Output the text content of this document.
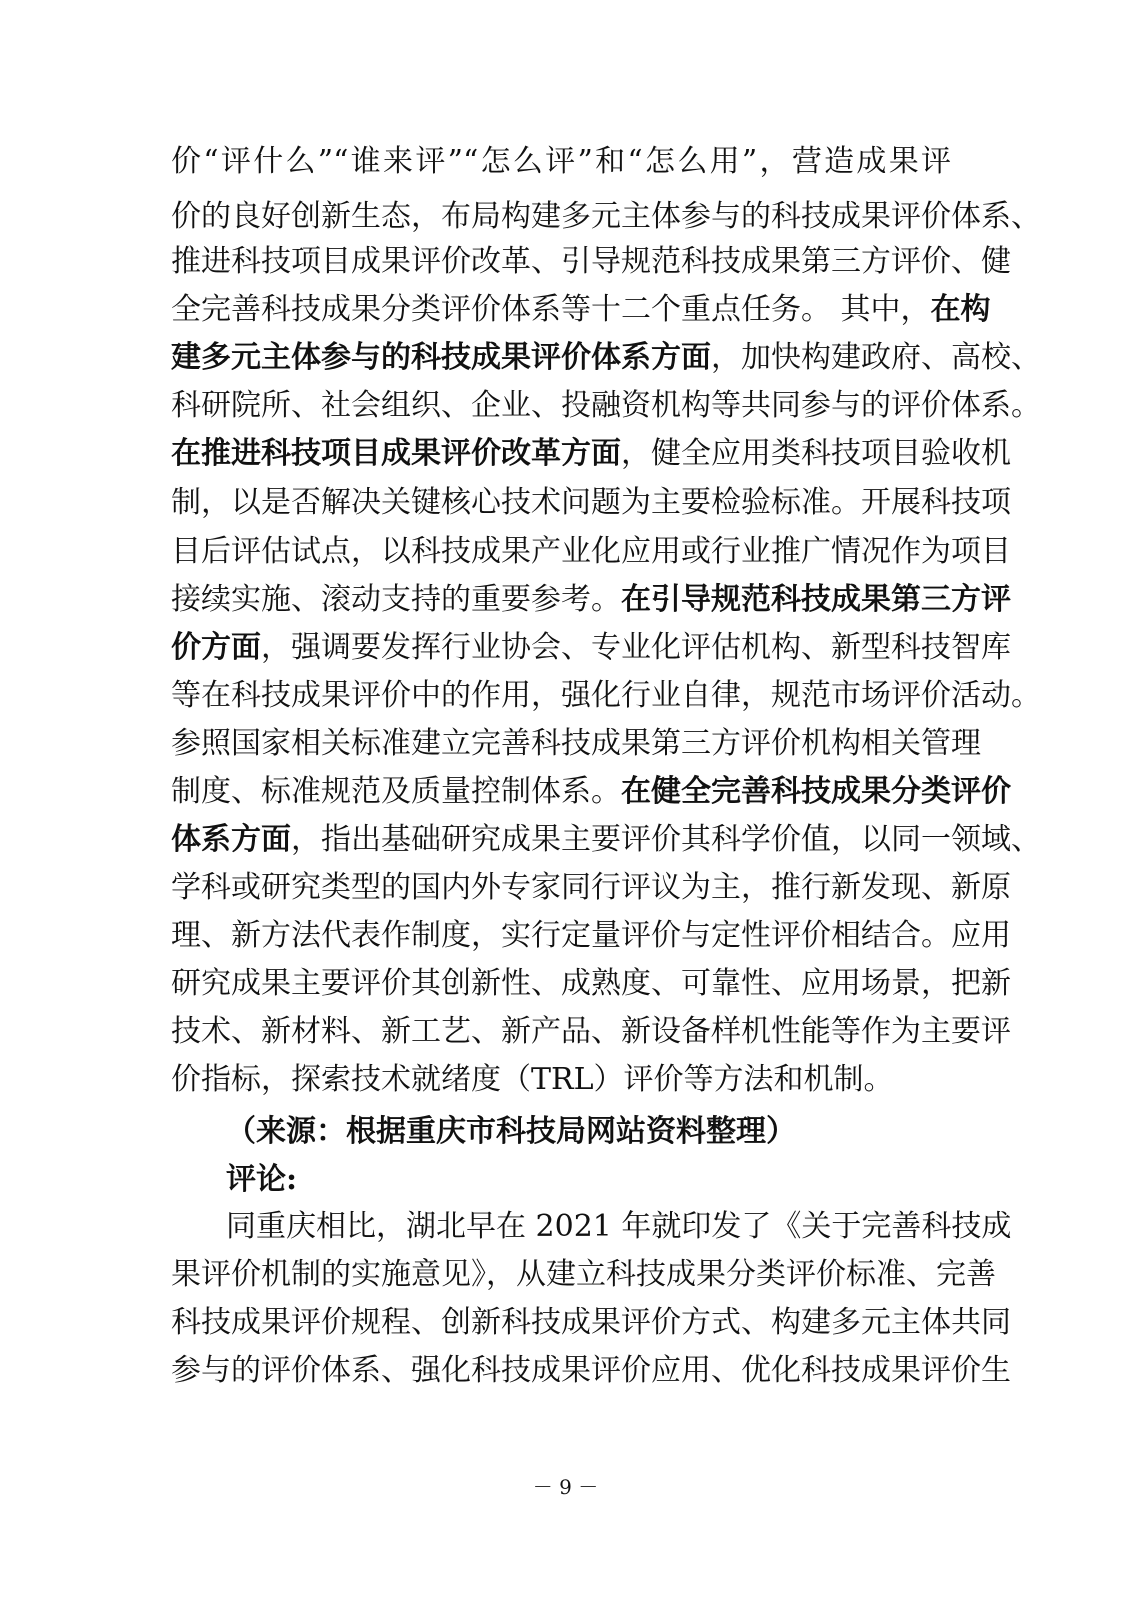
价“评什么”“谁来评”“怎么评”和“怎么用”，营造成果评
价的良好创新生态，布局构建多元主体参与的科技成果评价体系、
推进科技项目成果评价改革、引导规范科技成果第三方评价、健
全完善科技成果分类评价体系等十二个重点任务。 其中，在构
建多元主体参与的科技成果评价体系方面，加快构建政府、高校、
科研院所、社会组织、企业、投融资机构等共同参与的评价体系。
在推进科技项目成果评价改革方面，健全应用类科技项目验收机
制，以是否解决关键核心技术问题为主要检验标准。开展科技项
目后评估试点，以科技成果产业化应用或行业推广情况作为项目
接续实施、滚动支持的重要参考。在引导规范科技成果第三方评
价方面，强调要发挥行业协会、专业化评估机构、新型科技智库
等在科技成果评价中的作用，强化行业自律，规范市场评价活动。
参照国家相关标准建立完善科技成果第三方评价机构相关管理
制度、标准规范及质量控制体系。在健全完善科技成果分类评价
体系方面，指出基础研究成果主要评价其科学价值，以同一领域、
学科或研究类型的国内外专家同行评议为主，推行新发现、新原
理、新方法代表作制度，实行定量评价与定性评价相结合。应用
研究成果主要评价其创新性、成熟度、可靠性、应用场景，把新
技术、新材料、新工艺、新产品、新设备样机性能等作为主要评
价指标，探索技术就绪度（TRL）评价等方法和机制。
（来源：根据重庆市科技局网站资料整理）
评论:
同重庆相比，湖北早在 2021 年就印发了《关于完善科技成
果评价机制的实施意见》，从建立科技成果分类评价标准、完善
科技成果评价规程、创新科技成果评价方式、构建多元主体共同
参与的评价体系、强化科技成果评价应用、优化科技成果评价生
－ 9 －
